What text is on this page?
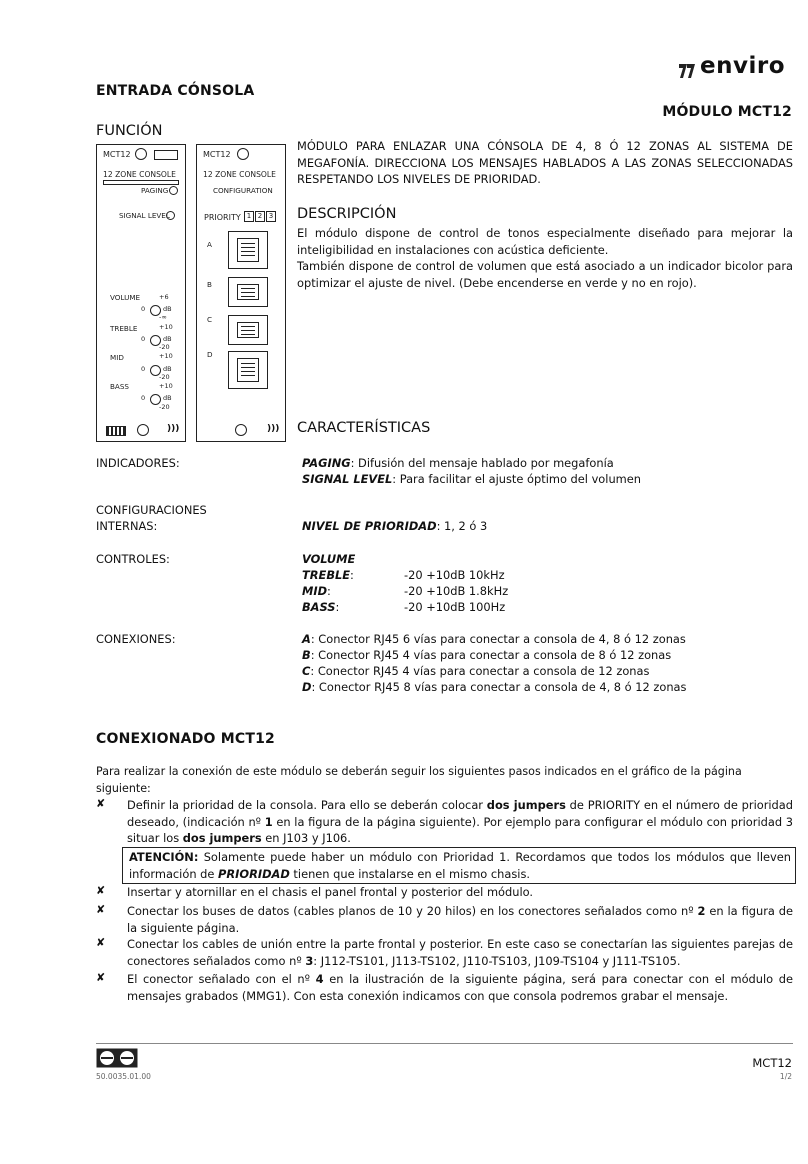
enviro
ENTRADA CÓNSOLA
MÓDULO MCT12
FUNCIÓN
MCT12
12 ZONE CONSOLE
PAGING
SIGNAL LEVEL
VOLUME
TREBLE
MID
BASS
+6
0	dB
-∞
+10
0	dB
-20
+10
0	dB
-20
+10
0	dB
-20
)))
MCT12
12 ZONE CONSOLE
CONFIGURATION
PRIORITY 1 2 3
A
B
C
D
)))
MÓDULO PARA ENLAZAR UNA CÓNSOLA DE 4, 8 Ó 12 ZONAS AL SISTEMA DE MEGAFONÍA. DIRECCIONA LOS MENSAJES HABLADOS A LAS ZONAS SELECCIONADAS RESPETANDO LOS NIVELES DE PRIORIDAD.
DESCRIPCIÓN
El módulo dispone de control de tonos especialmente diseñado para mejorar la inteligibilidad en instalaciones con acústica deficiente.
También dispone de control de volumen que está asociado a un indicador bicolor para optimizar el ajuste de nivel. (Debe encenderse en verde y no en rojo).
CARACTERÍSTICAS
INDICADORES:	PAGING: Difusión del mensaje hablado por megafonía
SIGNAL LEVEL: Para facilitar el ajuste óptimo del volumen
CONFIGURACIONES
INTERNAS:	NIVEL DE PRIORIDAD: 1, 2 ó 3
CONTROLES:	VOLUME
TREBLE:	-20 +10dB 10kHz
MID:	-20 +10dB 1.8kHz
BASS:	-20 +10dB 100Hz
CONEXIONES:	A: Conector RJ45 6 vías para conectar a consola de 4, 8 ó 12 zonas
B: Conector RJ45 4 vías para conectar a consola de 8 ó 12 zonas
C: Conector RJ45 4 vías para conectar a consola de 12 zonas
D: Conector RJ45 8 vías para conectar a consola de 4, 8 ó 12 zonas
CONEXIONADO MCT12
Para realizar la conexión de este módulo se deberán seguir los siguientes pasos indicados en el gráfico de la página siguiente:
✘ Definir la prioridad de la consola. Para ello se deberán colocar dos jumpers de PRIORITY en el número de prioridad deseado, (indicación nº 1 en la figura de la página siguiente). Por ejemplo para configurar el módulo con prioridad 3 situar los dos jumpers en J103 y J106.
ATENCIÓN: Solamente puede haber un módulo con Prioridad 1. Recordamos que todos los módulos que lleven información de PRIORIDAD tienen que instalarse en el mismo chasis.
✘ Insertar y atornillar en el chasis el panel frontal y posterior del módulo.
✘ Conectar los buses de datos (cables planos de 10 y 20 hilos) en los conectores señalados como nº 2 en la figura de la siguiente página.
✘ Conectar los cables de unión entre la parte frontal y posterior. En este caso se conectarían las siguientes parejas de conectores señalados como nº 3: J112-TS101, J113-TS102, J110-TS103, J109-TS104 y J111-TS105.
✘ El conector señalado con el nº 4 en la ilustración de la siguiente página, será para conectar con el módulo de mensajes grabados (MMG1). Con esta conexión indicamos con que consola podremos grabar el mensaje.
50.0035.01.00
MCT12
1/2
